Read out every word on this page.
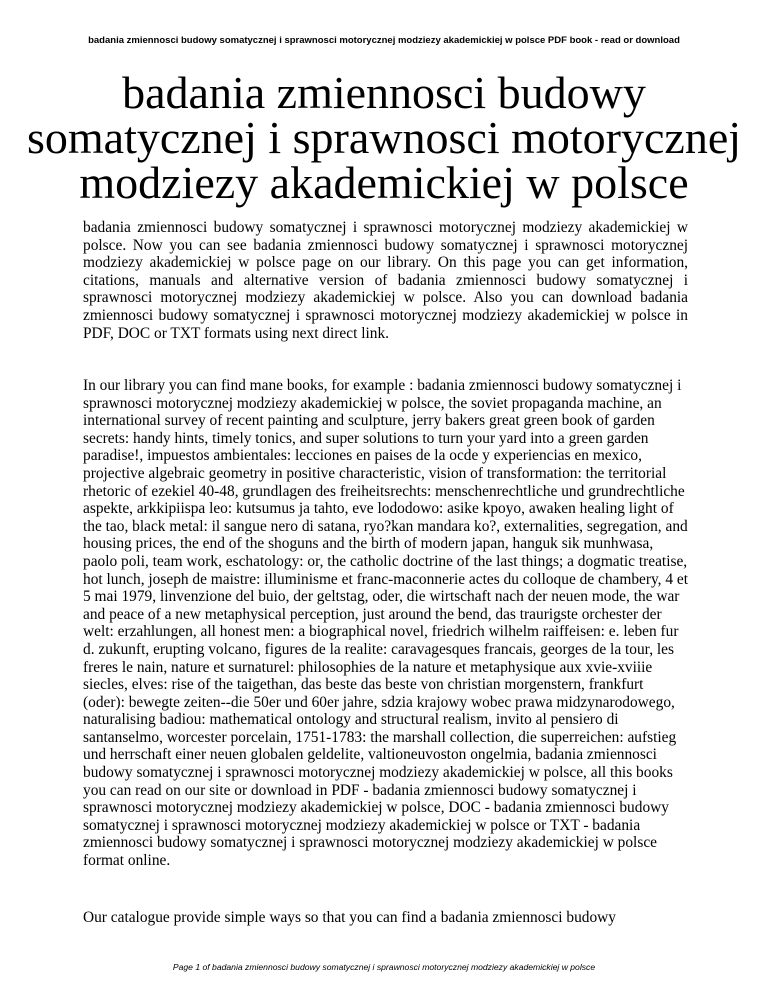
badania zmiennosci budowy somatycznej i sprawnosci motorycznej modziezy akademickiej w polsce PDF book - read or download
badania zmiennosci budowy somatycznej i sprawnosci motorycznej modziezy akademickiej w polsce

badania zmiennosci budowy somatycznej i sprawnosci motorycznej modziezy akademickiej w polsce. Now you can see badania zmiennosci budowy somatycznej i sprawnosci motorycznej modziezy akademickiej w polsce page on our library. On this page you can get information, citations, manuals and alternative version of badania zmiennosci budowy somatycznej i sprawnosci motorycznej modziezy akademickiej w polsce. Also you can download badania zmiennosci budowy somatycznej i sprawnosci motorycznej modziezy akademickiej w polsce in PDF, DOC or TXT formats using next direct link.

In our library you can find mane books, for example : badania zmiennosci budowy somatycznej i sprawnosci motorycznej modziezy akademickiej w polsce, the soviet propaganda machine, an international survey of recent painting and sculpture, jerry bakers great green book of garden secrets: handy hints, timely tonics, and super solutions to turn your yard into a green garden paradise!, impuestos ambientales: lecciones en paises de la ocde y experiencias en mexico, projective algebraic geometry in positive characteristic, vision of transformation: the territorial rhetoric of ezekiel 40-48, grundlagen des freiheitsrechts: menschenrechtliche und grundrechtliche aspekte, arkkipiispa leo: kutsumus ja tahto, eve lododowo: asike kpoyo, awaken healing light of the tao, black metal: il sangue nero di satana, ryo?kan mandara ko?, externalities, segregation, and housing prices, the end of the shoguns and the birth of modern japan, hanguk sik munhwasa, paolo poli, team work, eschatology: or, the catholic doctrine of the last things; a dogmatic treatise, hot lunch, joseph de maistre: illuminisme et franc-maconnerie actes du colloque de chambery, 4 et 5 mai 1979, linvenzione del buio, der geltstag, oder, die wirtschaft nach der neuen mode, the war and peace of a new metaphysical perception, just around the bend, das traurigste orchester der welt: erzahlungen, all honest men: a biographical novel, friedrich wilhelm raiffeisen: e. leben fur d. zukunft, erupting volcano, figures de la realite: caravagesques francais, georges de la tour, les freres le nain, nature et surnaturel: philosophies de la nature et metaphysique aux xvie-xviiie siecles, elves: rise of the taigethan, das beste das beste von christian morgenstern, frankfurt (oder): bewegte zeiten--die 50er und 60er jahre, sdzia krajowy wobec prawa midzynarodowego, naturalising badiou: mathematical ontology and structural realism, invito al pensiero di santanselmo, worcester porcelain, 1751-1783: the marshall collection, die superreichen: aufstieg und herrschaft einer neuen globalen geldelite, valtioneuvoston ongelmia, badania zmiennosci budowy somatycznej i sprawnosci motorycznej modziezy akademickiej w polsce, all this books you can read on our site or download in PDF - badania zmiennosci budowy somatycznej i sprawnosci motorycznej modziezy akademickiej w polsce, DOC - badania zmiennosci budowy somatycznej i sprawnosci motorycznej modziezy akademickiej w polsce or TXT - badania zmiennosci budowy somatycznej i sprawnosci motorycznej modziezy akademickiej w polsce format online.

Our catalogue provide simple ways so that you can find a badania zmiennosci budowy

Page 1 of badania zmiennosci budowy somatycznej i sprawnosci motorycznej modziezy akademickiej w polsce
